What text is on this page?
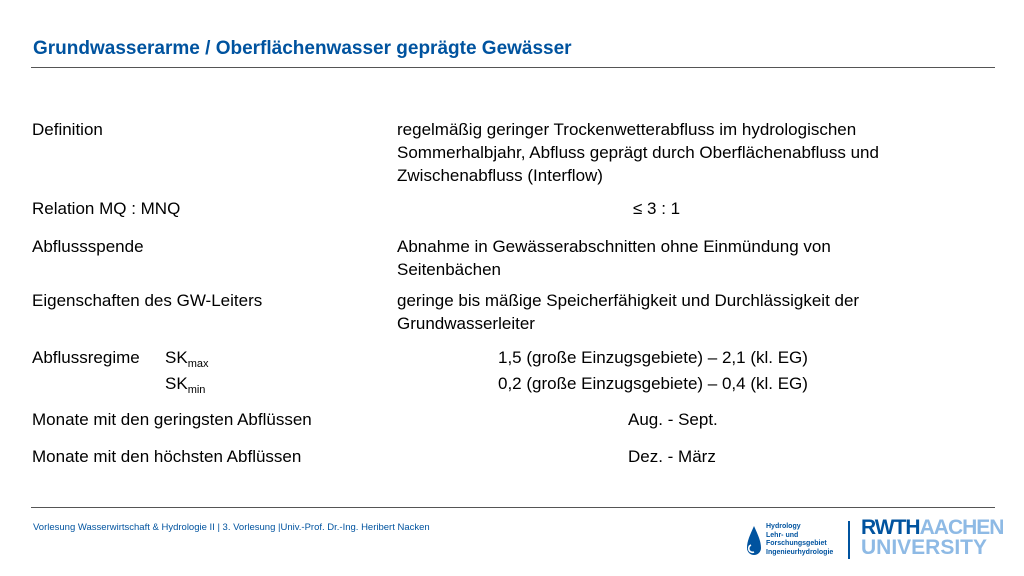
Grundwasserarme / Oberflächenwasser geprägte Gewässer
Definition	regelmäßig geringer Trockenwetterabfluss im hydrologischen
Sommerhalbjahr, Abfluss geprägt durch Oberflächenabfluss und
Zwischenabfluss (Interflow)
Relation MQ : MNQ	≤ 3 : 1
Abflussspende	Abnahme in Gewässerabschnitten ohne Einmündung von
Seitenbächen
Eigenschaften des GW-Leiters	geringe bis mäßige Speicherfähigkeit und Durchlässigkeit der
Grundwasserleiter
Abflussregime $SK_{max}$	1,5 (große Einzugsgebiete) – 2,1 (kl. EG)
$SK_{min}$	0,2 (große Einzugsgebiete) – 0,4 (kl. EG)
Monate mit den geringsten Abflüssen	Aug. - Sept.
Monate mit den höchsten Abflüssen	Dez. - März
Vorlesung Wasserwirtschaft & Hydrologie II | 3. Vorlesung |Univ.-Prof. Dr.-Ing. Heribert Nacken	Hydrology
Lehr- und
Forschungsgebiet
Ingenieurhydrologie
RWTHAACHEN
UNIVERSITY
